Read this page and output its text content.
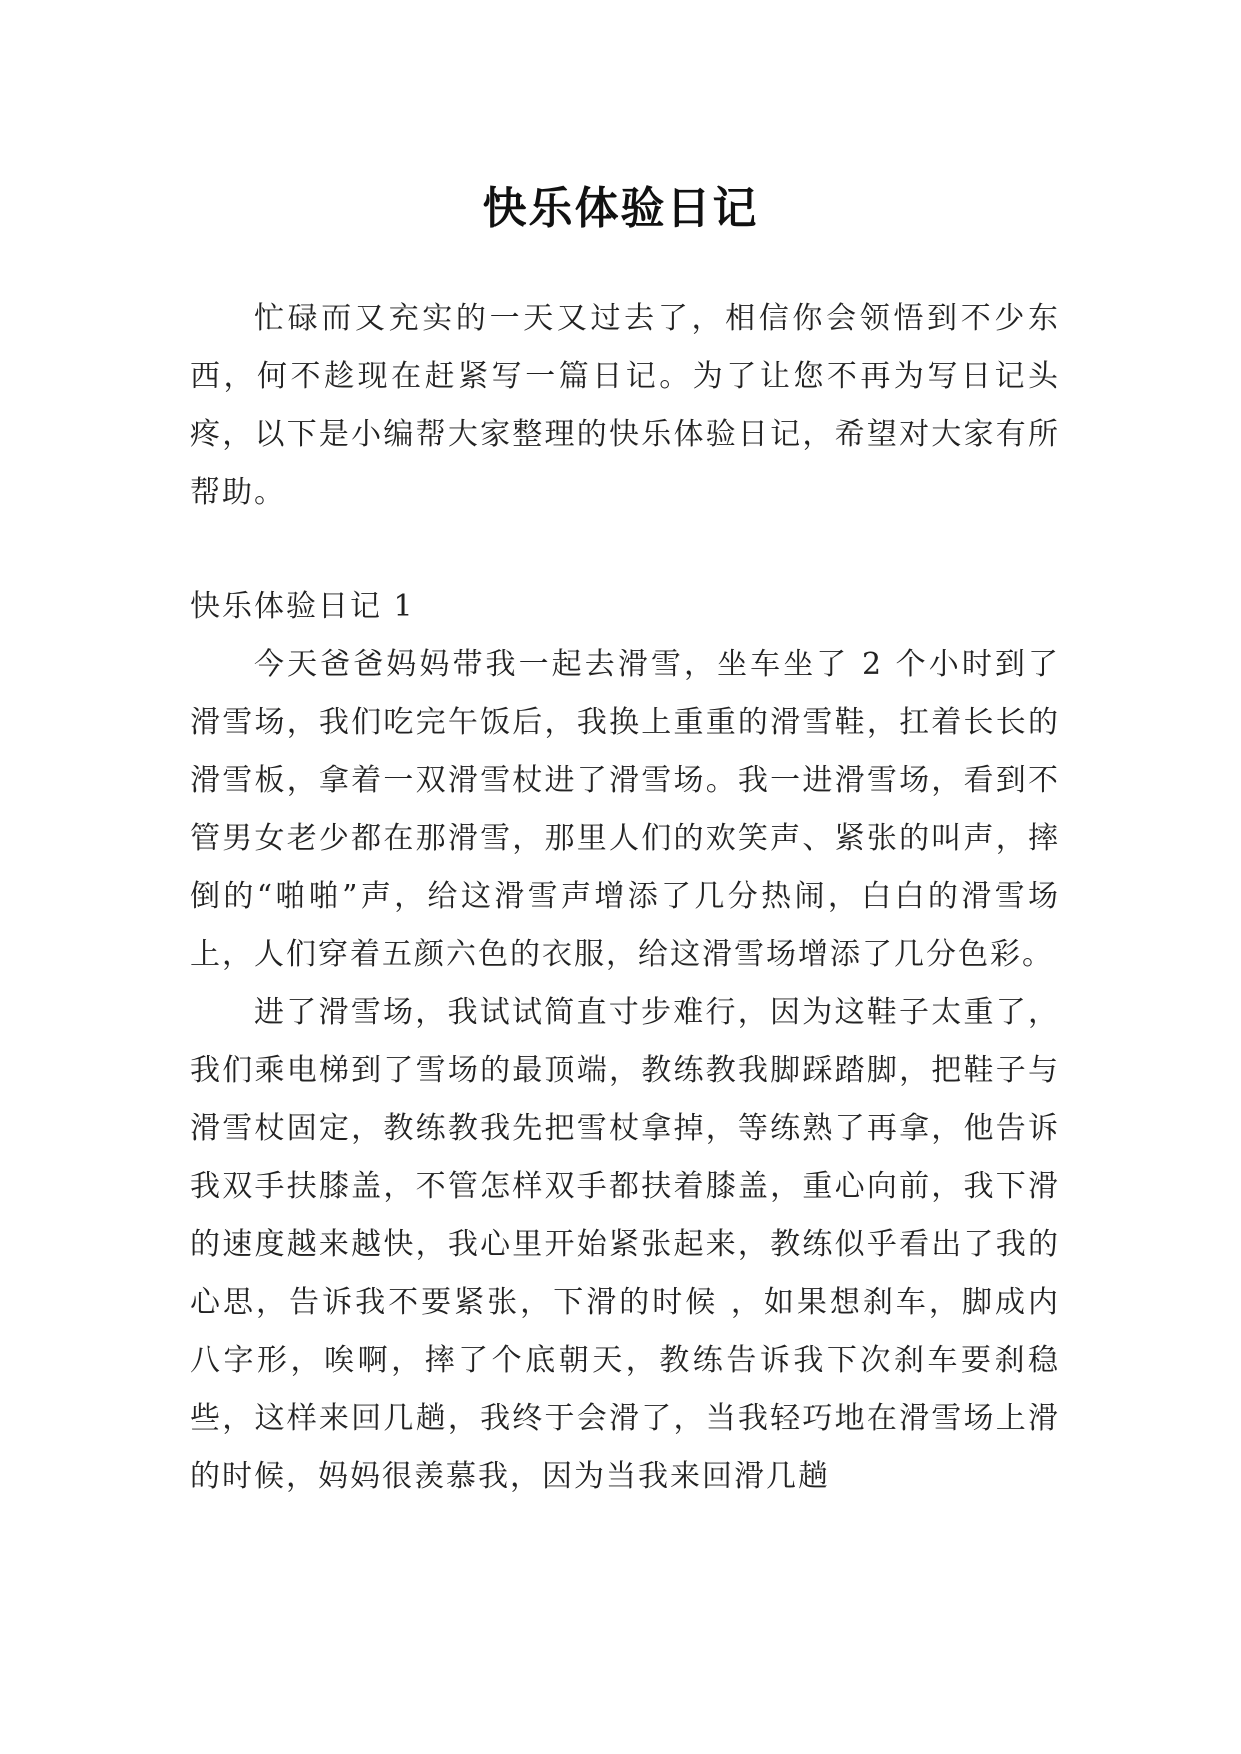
快乐体验日记

忙碌而又充实的一天又过去了，相信你会领悟到不少东西，何不趁现在赶紧写一篇日记。为了让您不再为写日记头疼，以下是小编帮大家整理的快乐体验日记，希望对大家有所帮助。

快乐体验日记 1

今天爸爸妈妈带我一起去滑雪，坐车坐了 2 个小时到了滑雪场，我们吃完午饭后，我换上重重的滑雪鞋，扛着长长的滑雪板，拿着一双滑雪杖进了滑雪场。我一进滑雪场，看到不管男女老少都在那滑雪，那里人们的欢笑声、紧张的叫声，摔倒的“啪啪”声，给这滑雪声增添了几分热闹，白白的滑雪场上，人们穿着五颜六色的衣服，给这滑雪场增添了几分色彩。

进了滑雪场，我试试简直寸步难行，因为这鞋子太重了，我们乘电梯到了雪场的最顶端，教练教我脚踩踏脚，把鞋子与滑雪杖固定，教练教我先把雪杖拿掉，等练熟了再拿，他告诉我双手扶膝盖，不管怎样双手都扶着膝盖，重心向前，我下滑的速度越来越快，我心里开始紧张起来，教练似乎看出了我的心思，告诉我不要紧张，下滑的时候 ，如果想刹车，脚成内八字形，唉啊，摔了个底朝天，教练告诉我下次刹车要刹稳些，这样来回几趟，我终于会滑了，当我轻巧地在滑雪场上滑的时候，妈妈很羡慕我，因为当我来回滑几趟
